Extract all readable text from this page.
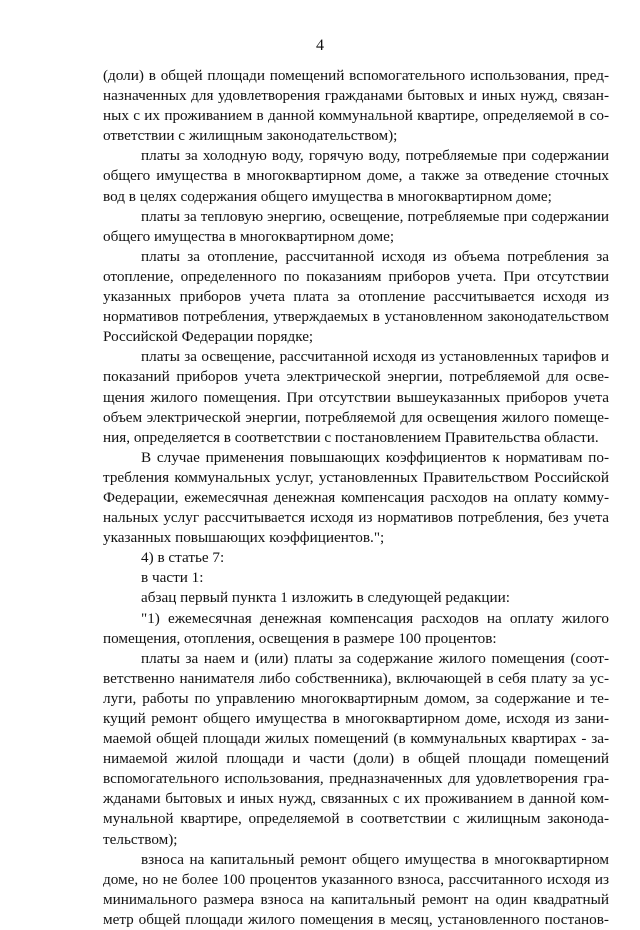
4

(доли) в общей площади помещений вспомогательного использования, предназначенных для удовлетворения гражданами бытовых и иных нужд, связанных с их проживанием в данной коммунальной квартире, определяемой в соответствии с жилищным законодательством);

платы за холодную воду, горячую воду, потребляемые при содержании общего имущества в многоквартирном доме, а также за отведение сточных вод в целях содержания общего имущества в многоквартирном доме;

платы за тепловую энергию, освещение, потребляемые при содержании общего имущества в многоквартирном доме;

платы за отопление, рассчитанной исходя из объема потребления за отопление, определенного по показаниям приборов учета. При отсутствии указанных приборов учета плата за отопление рассчитывается исходя из нормативов потребления, утверждаемых в установленном законодательством Российской Федерации порядке;

платы за освещение, рассчитанной исходя из установленных тарифов и показаний приборов учета электрической энергии, потребляемой для освещения жилого помещения. При отсутствии вышеуказанных приборов учета объем электрической энергии, потребляемой для освещения жилого помещения, определяется в соответствии с постановлением Правительства области.

В случае применения повышающих коэффициентов к нормативам потребления коммунальных услуг, установленных Правительством Российской Федерации, ежемесячная денежная компенсация расходов на оплату коммунальных услуг рассчитывается исходя из нормативов потребления, без учета указанных повышающих коэффициентов.";

4) в статье 7:

в части 1:

абзац первый пункта 1 изложить в следующей редакции:

"1) ежемесячная денежная компенсация расходов на оплату жилого помещения, отопления, освещения в размере 100 процентов:

платы за наем и (или) платы за содержание жилого помещения (соответственно нанимателя либо собственника), включающей в себя плату за услуги, работы по управлению многоквартирным домом, за содержание и текущий ремонт общего имущества в многоквартирном доме, исходя из занимаемой общей площади жилых помещений (в коммунальных квартирах - занимаемой жилой площади и части (доли) в общей площади помещений вспомогательного использования, предназначенных для удовлетворения гражданами бытовых и иных нужд, связанных с их проживанием в данной коммунальной квартире, определяемой в соответствии с жилищным законодательством);

взноса на капитальный ремонт общего имущества в многоквартирном доме, но не более 100 процентов указанного взноса, рассчитанного исходя из минимального размера взноса на капитальный ремонт на один квадратный метр общей площади жилого помещения в месяц, установленного постанов-
